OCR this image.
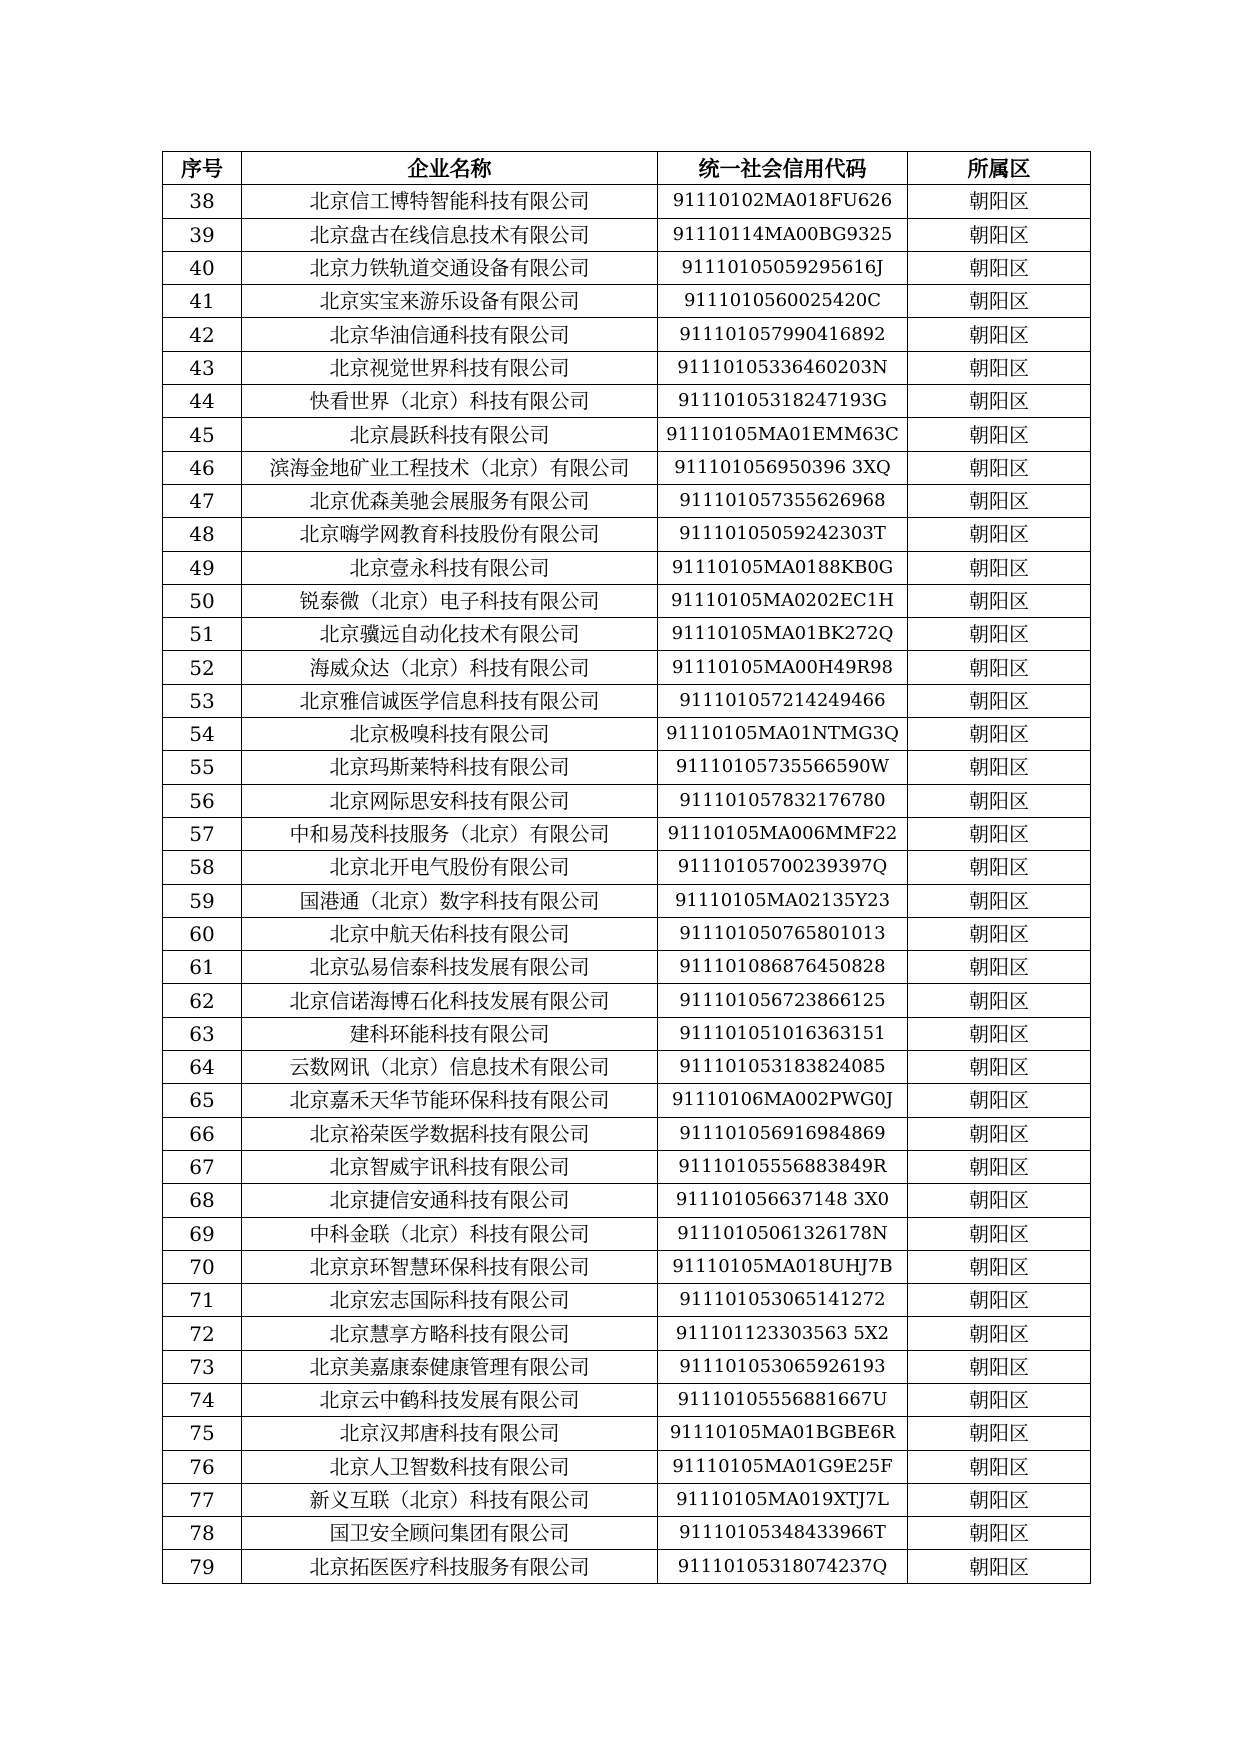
序号	企业名称	统一社会信用代码	所属区
38	北京信工博特智能科技有限公司	91110102MA018FU626	朝阳区
39	北京盘古在线信息技术有限公司	91110114MA00BG9325	朝阳区
40	北京力铁轨道交通设备有限公司	91110105059295616J	朝阳区
41	北京实宝来游乐设备有限公司	9111010560025420C	朝阳区
42	北京华油信通科技有限公司	911101057990416892	朝阳区
43	北京视觉世界科技有限公司	91110105336460203N	朝阳区
44	快看世界（北京）科技有限公司	91110105318247193G	朝阳区
45	北京晨跃科技有限公司	91110105MA01EMM63C	朝阳区
46	滨海金地矿业工程技术（北京）有限公司	911101056950396 3XQ	朝阳区
47	北京优森美驰会展服务有限公司	911101057355626968	朝阳区
48	北京嗨学网教育科技股份有限公司	91110105059242303T	朝阳区
49	北京壹永科技有限公司	91110105MA0188KB0G	朝阳区
50	锐泰微（北京）电子科技有限公司	91110105MA0202EC1H	朝阳区
51	北京骥远自动化技术有限公司	91110105MA01BK272Q	朝阳区
52	海威众达（北京）科技有限公司	91110105MA00H49R98	朝阳区
53	北京雅信诚医学信息科技有限公司	911101057214249466	朝阳区
54	北京极嗅科技有限公司	91110105MA01NTMG3Q	朝阳区
55	北京玛斯莱特科技有限公司	91110105735566590W	朝阳区
56	北京网际思安科技有限公司	911101057832176780	朝阳区
57	中和易茂科技服务（北京）有限公司	91110105MA006MMF22	朝阳区
58	北京北开电气股份有限公司	91110105700239397Q	朝阳区
59	国港通（北京）数字科技有限公司	91110105MA02135Y23	朝阳区
60	北京中航天佑科技有限公司	911101050765801013	朝阳区
61	北京弘易信泰科技发展有限公司	911101086876450828	朝阳区
62	北京信诺海博石化科技发展有限公司	911101056723866125	朝阳区
63	建科环能科技有限公司	911101051016363151	朝阳区
64	云数网讯（北京）信息技术有限公司	911101053183824085	朝阳区
65	北京嘉禾天华节能环保科技有限公司	91110106MA002PWG0J	朝阳区
66	北京裕荣医学数据科技有限公司	911101056916984869	朝阳区
67	北京智威宇讯科技有限公司	91110105556883849R	朝阳区
68	北京捷信安通科技有限公司	911101056637148 3X0	朝阳区
69	中科金联（北京）科技有限公司	91110105061326178N	朝阳区
70	北京京环智慧环保科技有限公司	91110105MA018UHJ7B	朝阳区
71	北京宏志国际科技有限公司	911101053065141272	朝阳区
72	北京慧享方略科技有限公司	911101123303563 5X2	朝阳区
73	北京美嘉康泰健康管理有限公司	911101053065926193	朝阳区
74	北京云中鹤科技发展有限公司	91110105556881667U	朝阳区
75	北京汉邦唐科技有限公司	91110105MA01BGBE6R	朝阳区
76	北京人卫智数科技有限公司	91110105MA01G9E25F	朝阳区
77	新义互联（北京）科技有限公司	91110105MA019XTJ7L	朝阳区
78	国卫安全顾问集团有限公司	91110105348433966T	朝阳区
79	北京拓医医疗科技服务有限公司	91110105318074237Q	朝阳区
